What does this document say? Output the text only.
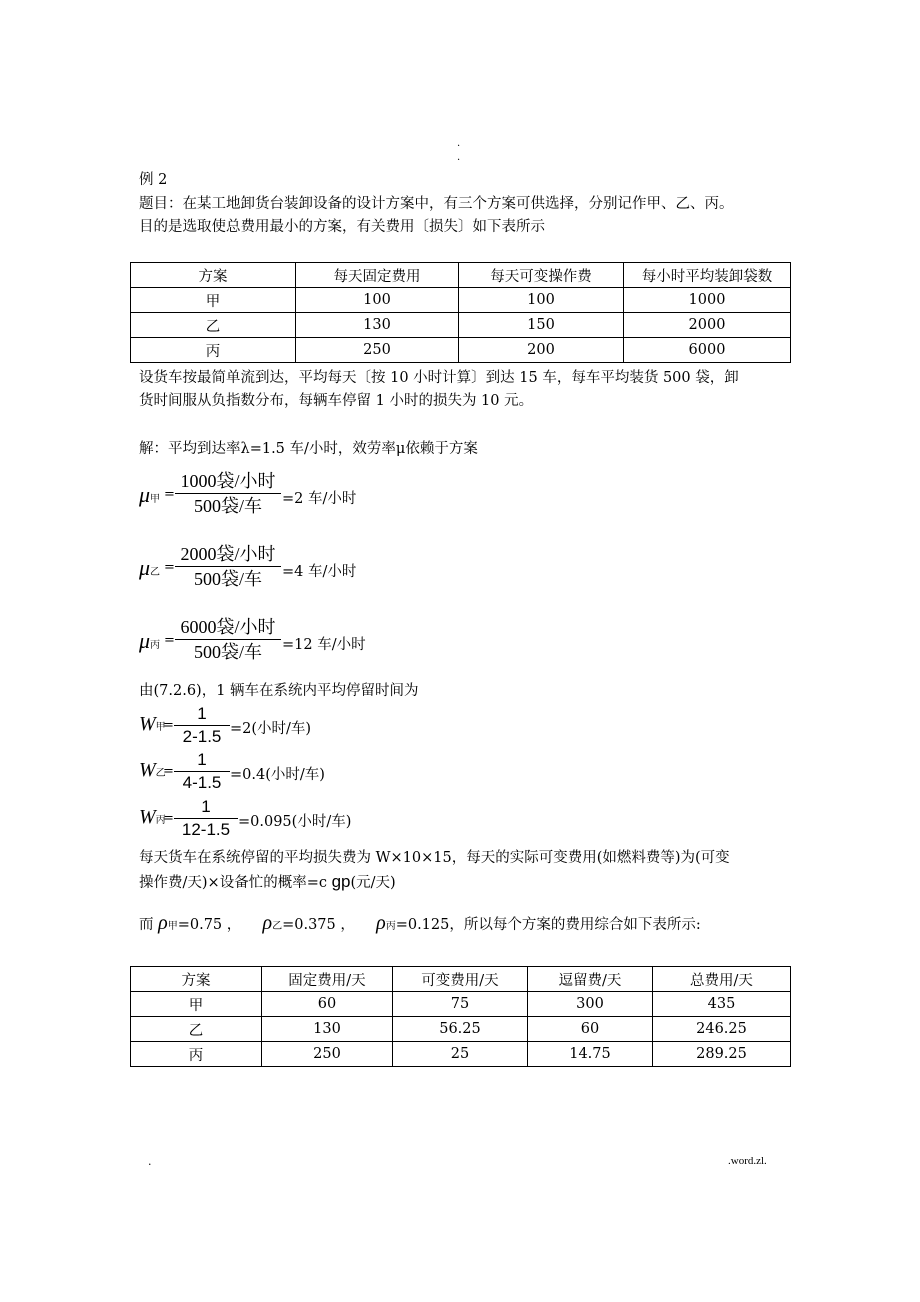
.
.
例 2
题目：在某工地卸货台装卸设备的设计方案中，有三个方案可供选择，分别记作甲、乙、丙。
目的是选取使总费用最小的方案，有关费用〔损失〕如下表所示
方案	每天固定费用	每天可变操作费	每小时平均装卸袋数
甲	100	100	1000
乙	130	150	2000
丙	250	200	6000
设货车按最简单流到达，平均每天〔按 10 小时计算〕到达 15 车，每车平均装货 500 袋，卸
货时间服从负指数分布，每辆车停留 1 小时的损失为 10 元。
解：平均到达率λ=1.5 车/小时，效劳率μ依赖于方案
μ甲 =
1000袋/小时
500袋/车	=2 车/小时
μ乙 =
2000袋/小时
500袋/车	=4 车/小时
μ丙 =
6000袋/小时
500袋/车	=12 车/小时
由(7.2.6)，1 辆车在系统内平均停留时间为
W甲
=
1
2-1.5 =2(小时/车)
W乙
=
1
4-1.5 =0.4(小时/车)
W丙
=
1
12-1.5 =0.095(小时/车)
每天货车在系统停留的平均损失费为 W×10×15，每天的实际可变费用(如燃料费等)为(可变
操作费/天)×设备忙的概率=c gp(元/天)
而 ρ甲=0.75 ， ρ乙=0.375 ， ρ丙=0.125，所以每个方案的费用综合如下表所示:
方案	固定费用/天	可变费用/天	逗留费/天	总费用/天
甲	60	75	300	435
乙	130	56.25	60	246.25
丙	250	25	14.75	289.25
.	.word.zl.
